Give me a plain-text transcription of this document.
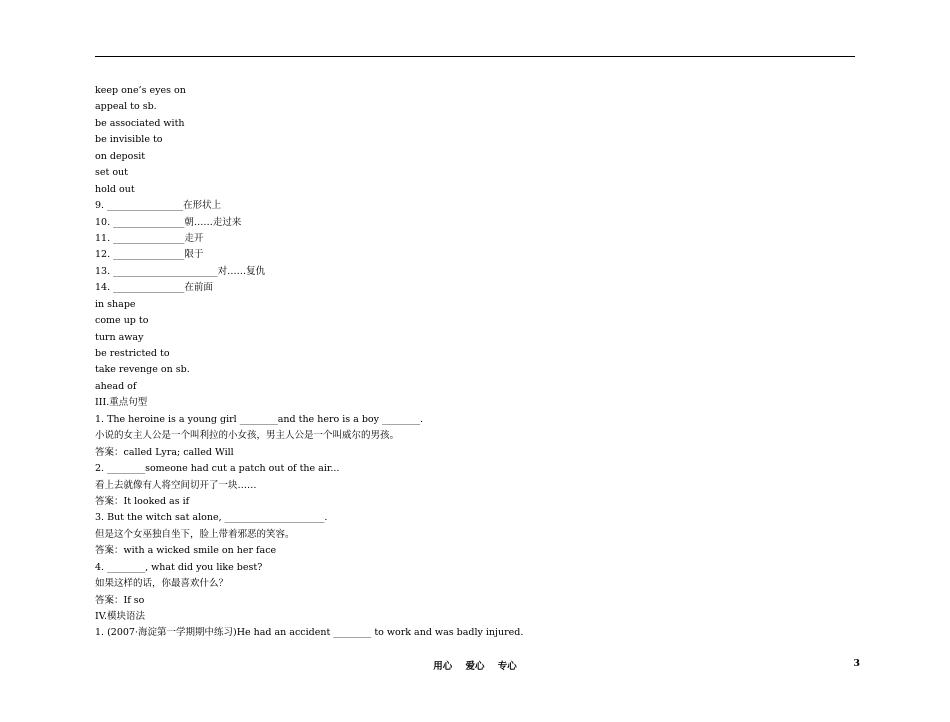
keep one’s eyes on
appeal to sb.
be associated with
be invisible to
on deposit
set out
hold out
9. ________________在形状上
10. _______________朝……走过来
11. _______________走开
12. _______________限于
13. ______________________对……复仇
14. _______________在前面
in shape
come up to
turn away
be restricted to
take revenge on sb.
ahead of
III.重点句型
1. The heroine is a young girl ________and the hero is a boy ________.
小说的女主人公是一个叫利拉的小女孩，男主人公是一个叫威尔的男孩。
答案：called Lyra; called Will
2. ________someone had cut a patch out of the air...
看上去就像有人将空间切开了一块……
答案：It looked as if
3. But the witch sat alone, _____________________.
但是这个女巫独自坐下，脸上带着邪恶的笑容。
答案：with a wicked smile on her face
4. ________, what did you like best?
如果这样的话，你最喜欢什么？
答案：If so
IV.模块语法
1. (2007·海淀第一学期期中练习)He had an accident ________ to work and was badly injured.
用心    爱心    专心	3
